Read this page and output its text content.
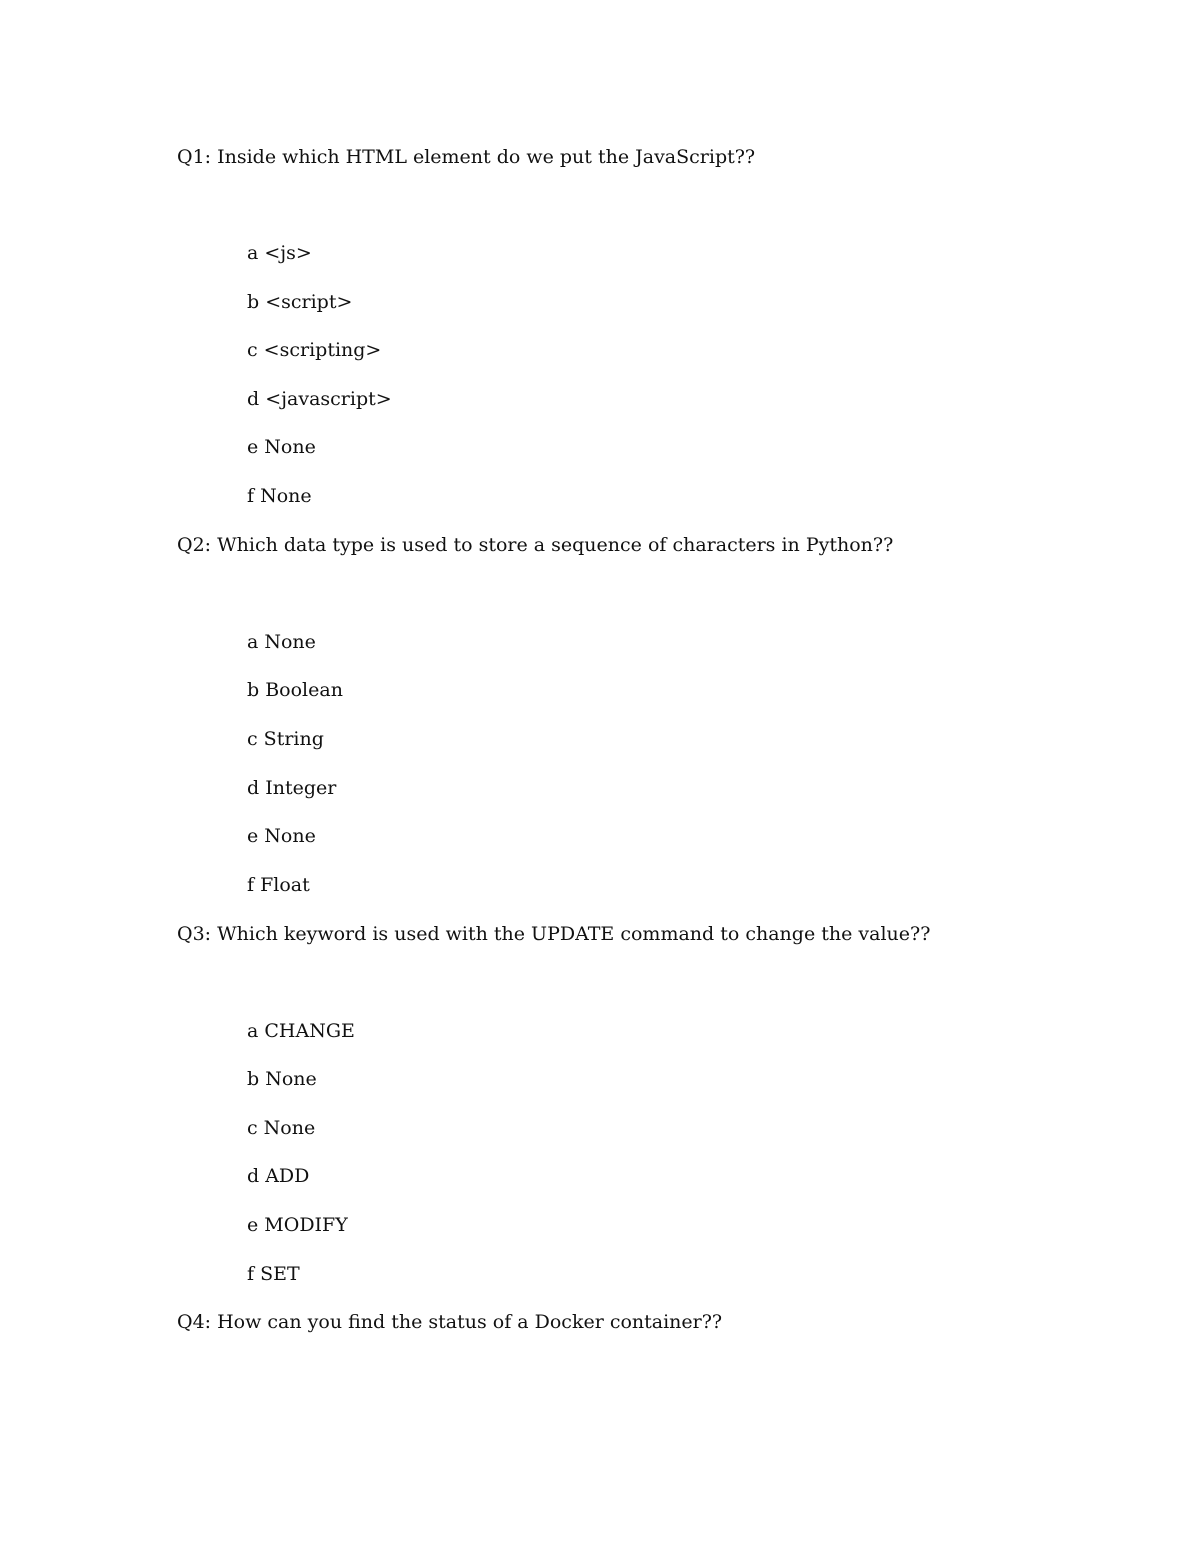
Q1: Inside which HTML element do we put the JavaScript??
a <js>
b <script>
c <scripting>
d <javascript>
e None
f None
Q2: Which data type is used to store a sequence of characters in Python??
a None
b Boolean
c String
d Integer
e None
f Float
Q3: Which keyword is used with the UPDATE command to change the value??
a CHANGE
b None
c None
d ADD
e MODIFY
f SET
Q4: How can you find the status of a Docker container??
